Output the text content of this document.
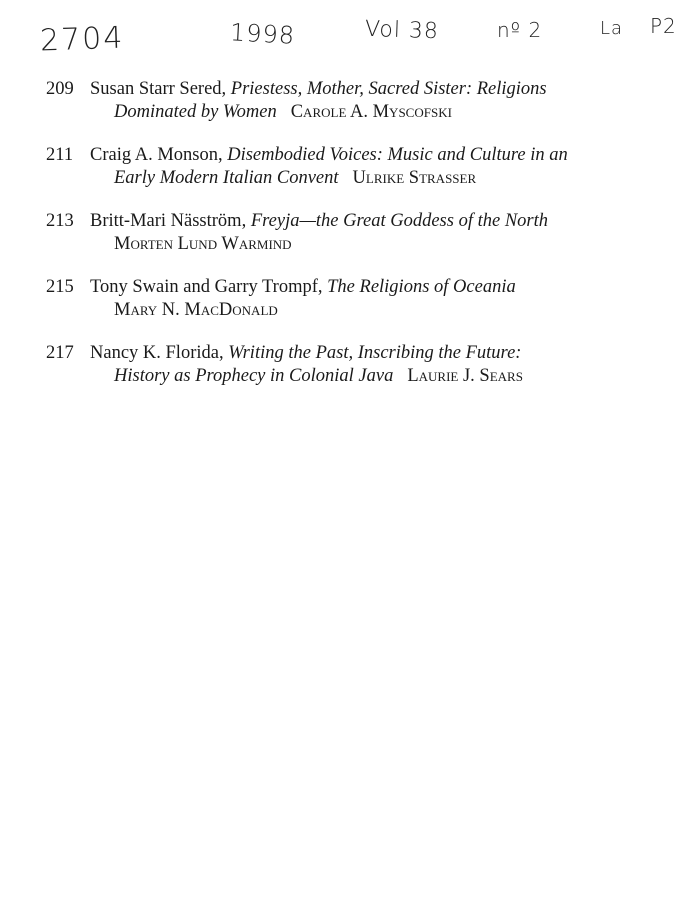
2704	1998	Vol 38	nº 2	La P2
209 Susan Starr Sered, Priestess, Mother, Sacred Sister: Religions
Dominated by Women Carole A. Myscofski
211 Craig A. Monson, Disembodied Voices: Music and Culture in an
Early Modern Italian Convent Ulrike Strasser
213 Britt-Mari Näsström, Freyja—the Great Goddess of the North
Morten Lund Warmind
215 Tony Swain and Garry Trompf, The Religions of Oceania
Mary N. MacDonald
217 Nancy K. Florida, Writing the Past, Inscribing the Future:
History as Prophecy in Colonial Java Laurie J. Sears
